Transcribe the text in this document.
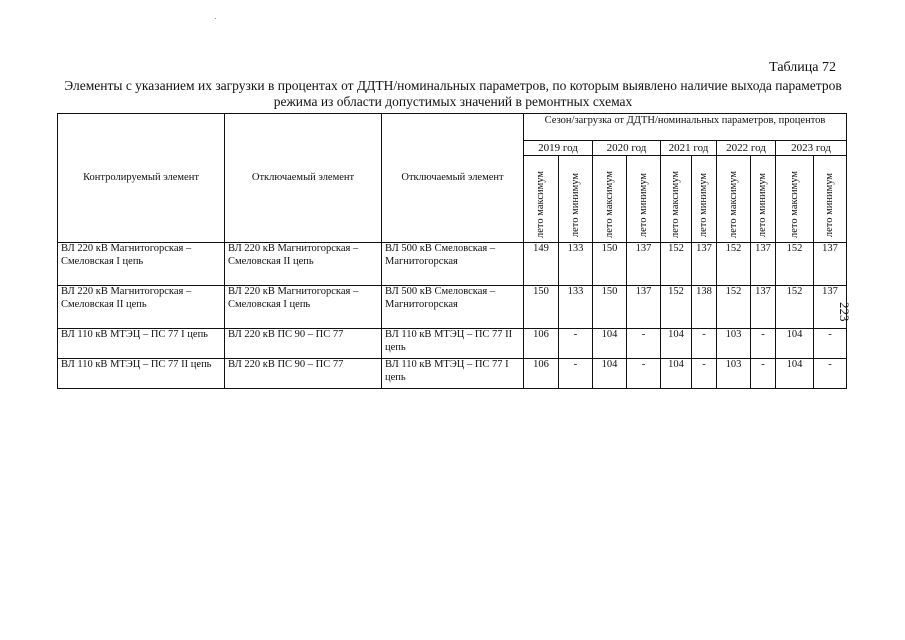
Таблица 72
Элементы с указанием их загрузки в процентах от ДДТН/номинальных параметров, по которым выявлено наличие выхода параметров режима из области допустимых значений в ремонтных схемах
223
Контролируемый элемент	Отключаемый элемент	Отключаемый элемент	Сезон/загрузка от ДДТН/номинальных параметров, процентов									
			2019 год		2020 год		2021 год		2022 год		2023 год	
			лето максимум	лето минимум	лето максимум	лето минимум	лето максимум	лето минимум	лето максимум	лето минимум	лето максимум	лето минимум
ВЛ 220 кВ Магнитогорская – Смеловская I цепь	ВЛ 220 кВ Магнитогорская – Смеловская II цепь	ВЛ 500 кВ Смеловская – Магнитогорская	149	133	150	137	152	137	152	137	152	137
ВЛ 220 кВ Магнитогорская – Смеловская II цепь	ВЛ 220 кВ Магнитогорская – Смеловская I цепь	ВЛ 500 кВ Смеловская – Магнитогорская	150	133	150	137	152	138	152	137	152	137
ВЛ 110 кВ МТЭЦ – ПС 77 I цепь	ВЛ 220 кВ ПС 90 – ПС 77	ВЛ 110 кВ МТЭЦ – ПС 77 II цепь	106	-	104	-	104	-	103	-	104	-
ВЛ 110 кВ МТЭЦ – ПС 77 II цепь	ВЛ 220 кВ ПС 90 – ПС 77	ВЛ 110 кВ МТЭЦ – ПС 77 I цепь	106	-	104	-	104	-	103	-	104	-
